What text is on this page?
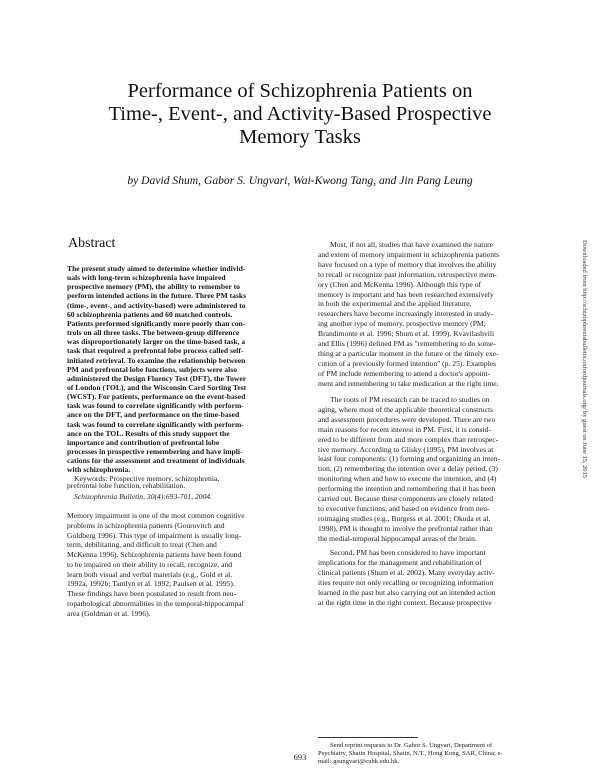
Performance of Schizophrenia Patients on
Time-, Event-, and Activity-Based Prospective
Memory Tasks
by David Shum, Gabor S. Ungvari, Wai-Kwong Tang, and Jin Pang Leung
Abstract
The present study aimed to determine whether individ-
uals with long-term schizophrenia have impaired
prospective memory (PM), the ability to remember to
perform intended actions in the future. Three PM tasks
(time-, event-, and activity-based) were administered to
60 schizophrenia patients and 60 matched controls.
Patients performed significantly more poorly than con-
trols on all three tasks. The between-group difference
was disproportionately larger on the time-based task, a
task that required a prefrontal lobe process called self-
initiated retrieval. To examine the relationship between
PM and prefrontal lobe functions, subjects were also
administered the Design Fluency Test (DFT), the Tower
of London (TOL), and the Wisconsin Card Sorting Test
(WCST). For patients, performance on the event-based
task was found to correlate significantly with perform-
ance on the DFT, and performance on the time-based
task was found to correlate significantly with perform-
ance on the TOL. Results of this study support the
importance and contribution of prefrontal lobe
processes in prospective remembering and have impli-
cations for the assessment and treatment of individuals
with schizophrenia.
Keywords: Prospective memory, schizophrenia,
prefrontal lobe function, rehabilitation.
Schizophrenia Bulletin, 30(4):693-701, 2004.
Memory impairment is one of the most common cognitive
problems in schizophrenia patients (Gourovitch and
Goldberg 1996). This type of impairment is usually long-
term, debilitating, and difficult to treat (Chen and
McKenna 1996). Schizophrenia patients have been found
to be impaired on their ability to recall, recognize, and
learn both visual and verbal materials (e.g., Gold et al.
1992a, 1992b; Tamlyn et al. 1992; Paulsen et al. 1995).
These findings have been postulated to result from neu-
ropathological abnormalities in the temporal-hippocampal
area (Goldman et al. 1996).
Most, if not all, studies that have examined the nature
and extent of memory impairment in schizophrenia patients
have focused on a type of memory that involves the ability
to recall or recognize past information, retrospective mem-
ory (Chen and McKenna 1996). Although this type of
memory is important and has been researched extensively
in both the experimental and the applied literature,
researchers have become increasingly interested in study-
ing another type of memory, prospective memory (PM;
Brandimonte et al. 1996; Shum et al. 1999). Kvavilashvili
and Ellis (1996) defined PM as "remembering to do some-
thing at a particular moment in the future or the timely exe-
cution of a previously formed intention" (p. 25). Examples
of PM include remembering to attend a doctor's appoint-
ment and remembering to take medication at the right time.
The roots of PM research can be traced to studies on
aging, where most of the applicable theoretical constructs
and assessment procedures were developed. There are two
main reasons for recent interest in PM. First, it is consid-
ered to be different from and more complex than retrospec-
tive memory. According to Glisky (1995), PM involves at
least four components: (1) forming and organizing an inten-
tion, (2) remembering the intention over a delay period, (3)
monitoring when and how to execute the intention, and (4)
performing the intention and remembering that it has been
carried out. Because these components are closely related
to executive functions, and based on evidence from neu-
roimaging studies (e.g., Burgess et al. 2001; Okuda et al.
1998), PM is thought to involve the prefrontal rather than
the medial-temporal hippocampal areas of the brain.
Second, PM has been considered to have important
implications for the management and rehabilitation of
clinical patients (Shum et al. 2002). Many everyday activ-
ities require not only recalling or recognizing information
learned in the past but also carrying out an intended action
at the right time in the right context. Because prospective
Send reprint requests to Dr. Gabor S. Ungvari, Department of
Psychiatry, Shatin Hospital, Shatin, N.T., Hong Kong, SAR, China; e-
mail: gsungvari@cuhk.edu.hk.
Downloaded from http://schizophreniabulletin.oxfordjournals.org/ by guest on June 15, 2015
693
